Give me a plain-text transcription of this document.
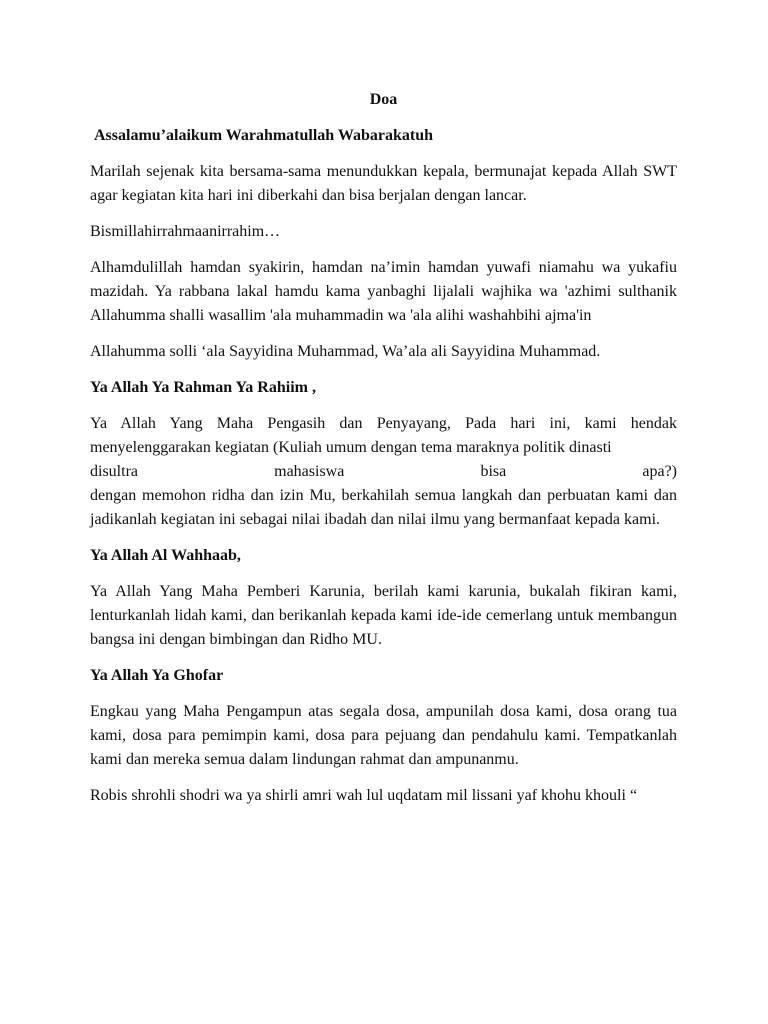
Doa

Assalamu’alaikum Warahmatullah Wabarakatuh

Marilah sejenak kita bersama-sama menundukkan kepala, bermunajat kepada Allah SWT agar kegiatan kita hari ini diberkahi dan bisa berjalan dengan lancar.

Bismillahirrahmaanirrahim…

Alhamdulillah hamdan syakirin, hamdan na’imin hamdan yuwafi niamahu wa yukafiu mazidah. Ya rabbana lakal hamdu kama yanbaghi lijalali wajhika wa 'azhimi sulthanik Allahumma shalli wasallim 'ala muhammadin wa 'ala alihi washahbihi ajma'in

Allahumma solli ‘ala Sayyidina Muhammad, Wa’ala ali Sayyidina Muhammad.

Ya Allah Ya Rahman Ya Rahiim ,

Ya Allah Yang Maha Pengasih dan Penyayang, Pada hari ini, kami hendak menyelenggarakan kegiatan (Kuliah umum dengan tema maraknya politik dinasti
disultra	mahasiswa	bisa	apa?)
dengan memohon ridha dan izin Mu, berkahilah semua langkah dan perbuatan kami dan jadikanlah kegiatan ini sebagai nilai ibadah dan nilai ilmu yang bermanfaat kepada kami.

Ya Allah Al Wahhaab,

Ya Allah Yang Maha Pemberi Karunia, berilah kami karunia, bukalah fikiran kami, lenturkanlah lidah kami, dan berikanlah kepada kami ide-ide cemerlang untuk membangun bangsa ini dengan bimbingan dan Ridho MU.

Ya Allah Ya Ghofar

Engkau yang Maha Pengampun atas segala dosa, ampunilah dosa kami, dosa orang tua kami, dosa para pemimpin kami, dosa para pejuang dan pendahulu kami. Tempatkanlah kami dan mereka semua dalam lindungan rahmat dan ampunanmu.

Robis shrohli shodri wa ya shirli amri wah lul uqdatam mil lissani yaf khohu khouli “
